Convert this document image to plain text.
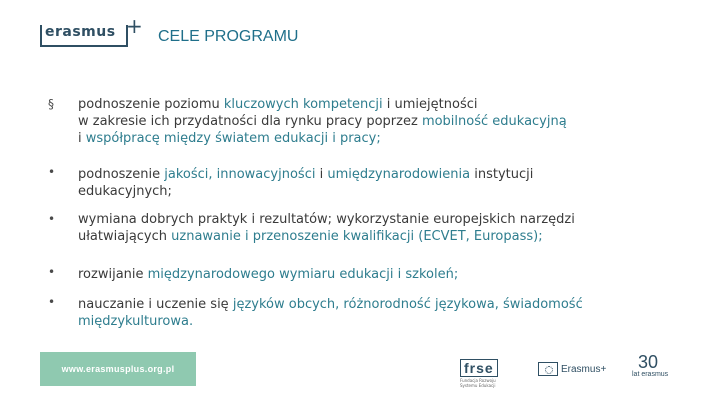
erasmus + CELE PROGRAMU
§ podnoszenie poziomu kluczowych kompetencji i umiejętności
w zakresie ich przydatności dla rynku pracy poprzez mobilność edukacyjną
i współpracę między światem edukacji i pracy;
• podnoszenie jakości, innowacyjności i umiędzynarodowienia instytucji
edukacyjnych;
• wymiana dobrych praktyk i rezultatów; wykorzystanie europejskich narzędzi
ułatwiających uznawanie i przenoszenie kwalifikacji (ECVET, Europass);
• rozwijanie międzynarodowego wymiaru edukacji i szkoleń;
• nauczanie i uczenie się języków obcych, różnorodność językowa, świadomość
międzykulturowa.
www.erasmusplus.org.pl	frse
Fundacja Rozwoju Systemu Edukacji
Erasmus+ 30
lat erasmus
